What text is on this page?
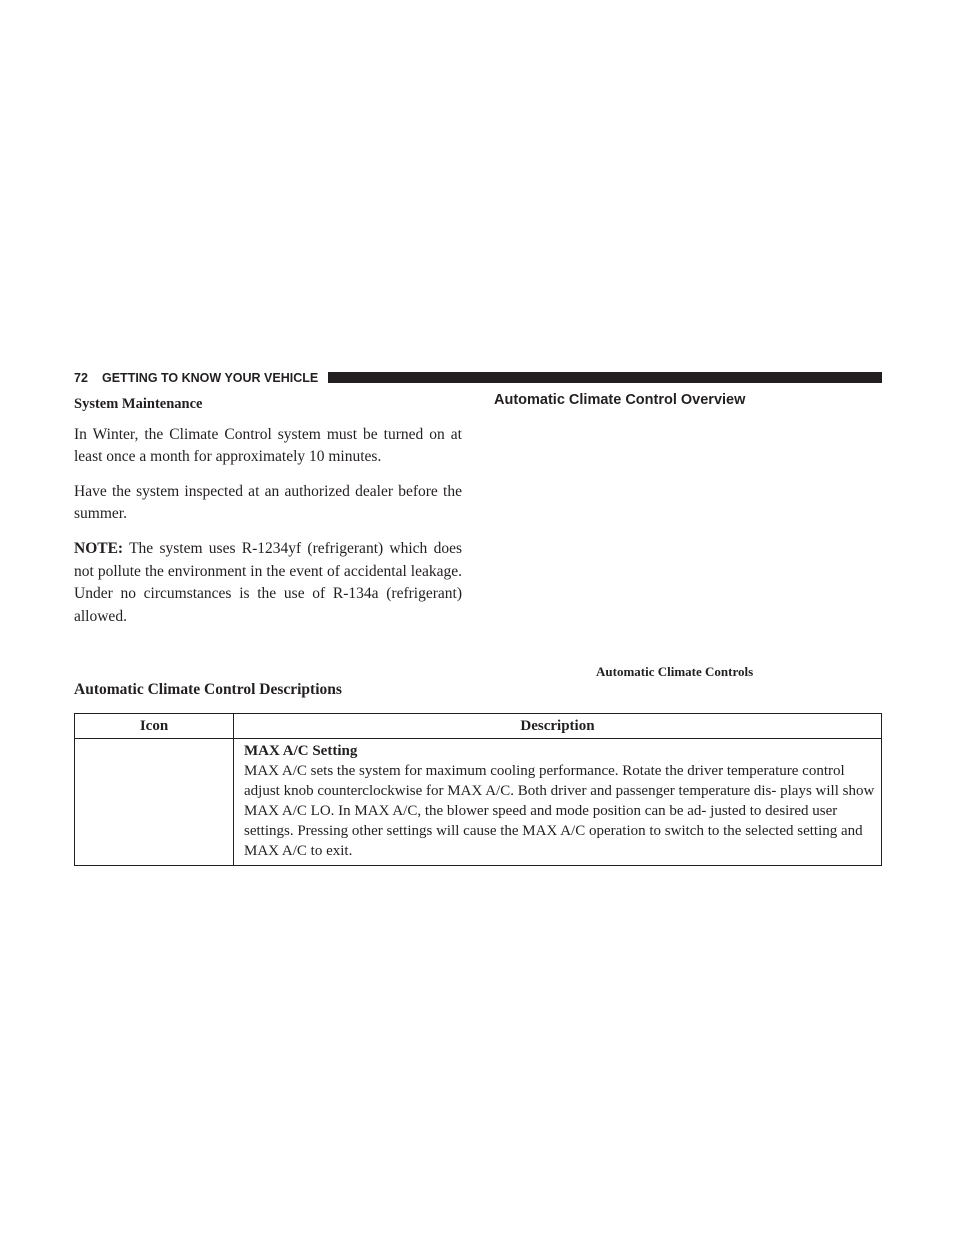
72 GETTING TO KNOW YOUR VEHICLE

System Maintenance

In Winter, the Climate Control system must be turned on at least once a month for approximately 10 minutes.

Have the system inspected at an authorized dealer before the summer.

NOTE: The system uses R-1234yf (refrigerant) which does not pollute the environment in the event of accidental leakage. Under no circumstances is the use of R-134a (refrigerant) allowed.

Automatic Climate Control Overview
Automatic Climate Controls
Automatic Climate Control Descriptions
Icon	Description

	MAX A/C Setting
MAX A/C sets the system for maximum cooling performance. Rotate the driver temperature control adjust knob counterclockwise for MAX A/C. Both driver and passenger temperature dis- plays will show MAX A/C LO. In MAX A/C, the blower speed and mode position can be ad- justed to desired user settings. Pressing other settings will cause the MAX A/C operation to switch to the selected setting and MAX A/C to exit.
